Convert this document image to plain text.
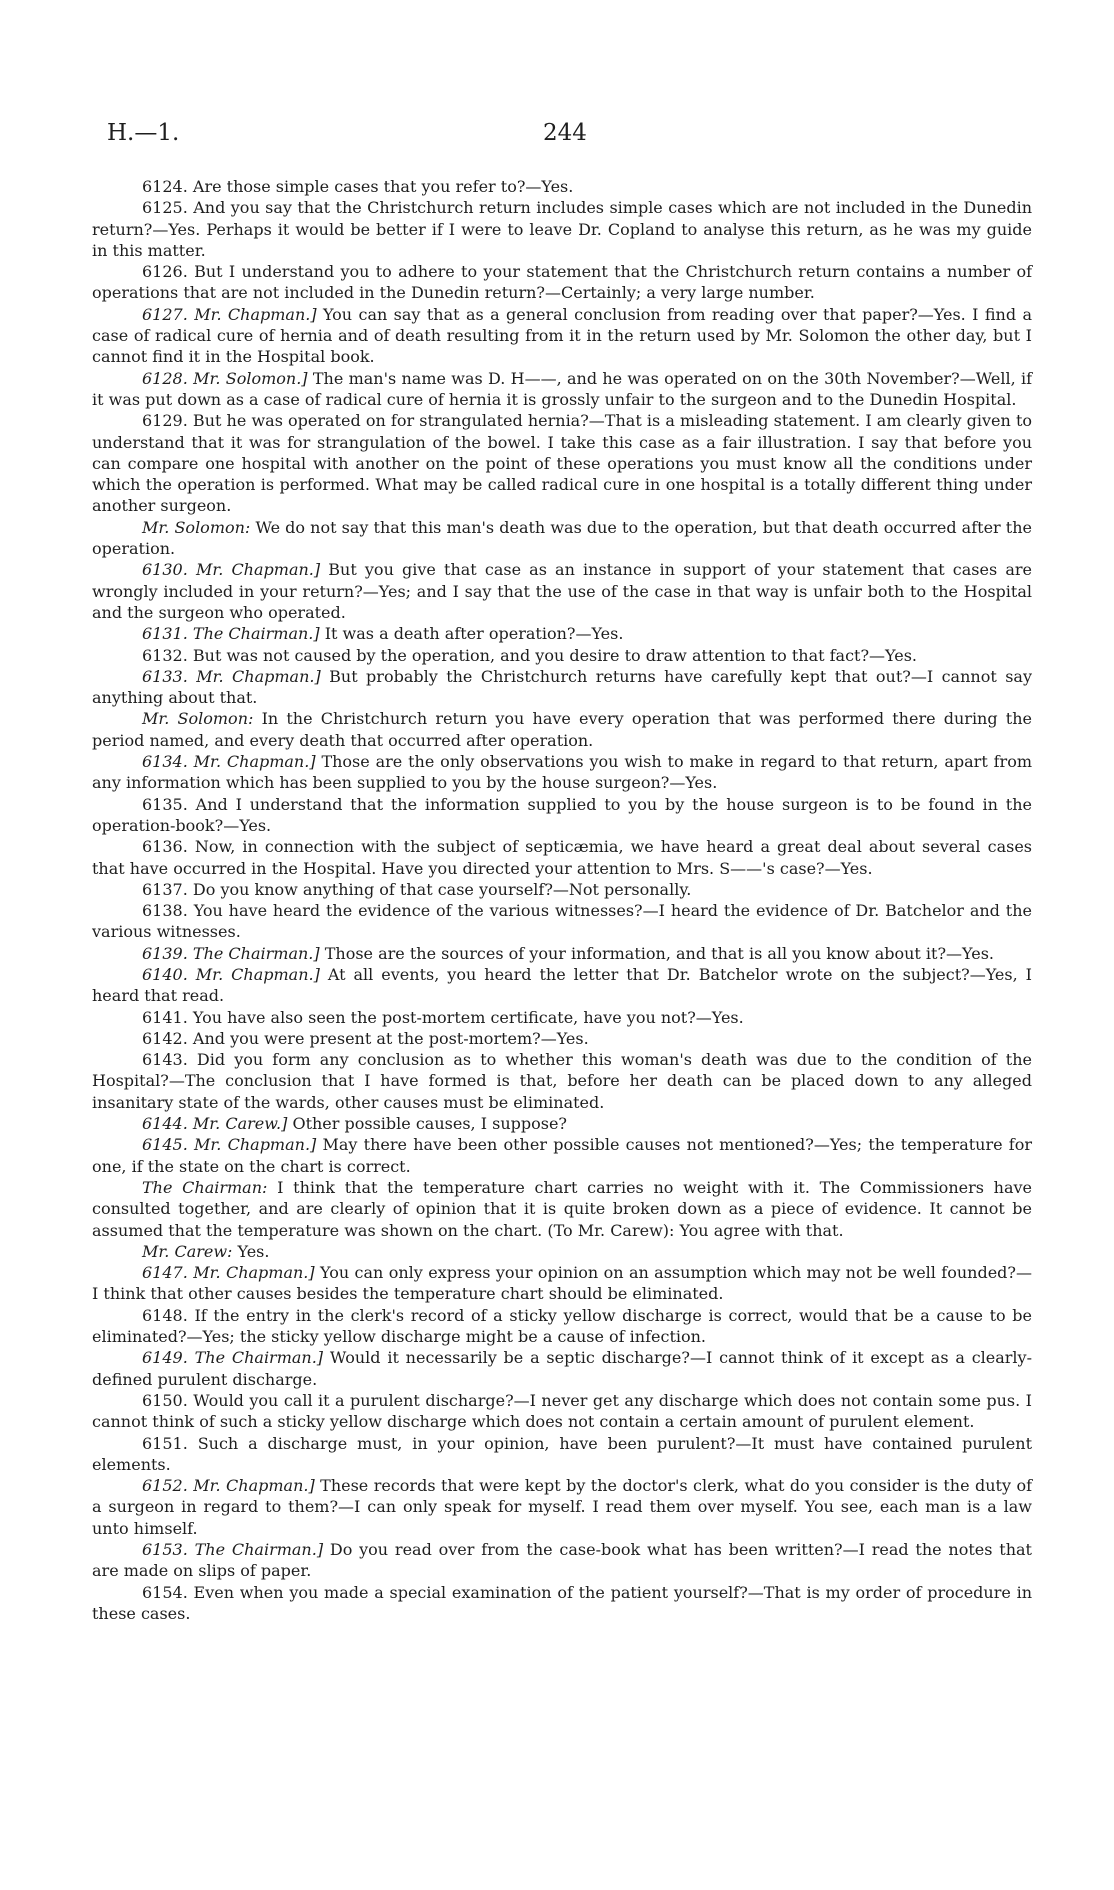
H.—1.	244

6124. Are those simple cases that you refer to?—Yes.

6125. And you say that the Christchurch return includes simple cases which are not included in the Dunedin return?—Yes. Perhaps it would be better if I were to leave Dr. Copland to analyse this return, as he was my guide in this matter.

6126. But I understand you to adhere to your statement that the Christchurch return contains a number of operations that are not included in the Dunedin return?—Certainly; a very large number.

6127. Mr. Chapman.] You can say that as a general conclusion from reading over that paper?—Yes. I find a case of radical cure of hernia and of death resulting from it in the return used by Mr. Solomon the other day, but I cannot find it in the Hospital book.

6128. Mr. Solomon.] The man's name was D. H——, and he was operated on on the 30th November?—Well, if it was put down as a case of radical cure of hernia it is grossly unfair to the surgeon and to the Dunedin Hospital.

6129. But he was operated on for strangulated hernia?—That is a misleading statement. I am clearly given to understand that it was for strangulation of the bowel. I take this case as a fair illustration. I say that before you can compare one hospital with another on the point of these operations you must know all the conditions under which the operation is performed. What may be called radical cure in one hospital is a totally different thing under another surgeon.

Mr. Solomon: We do not say that this man's death was due to the operation, but that death occurred after the operation.

6130. Mr. Chapman.] But you give that case as an instance in support of your statement that cases are wrongly included in your return?—Yes; and I say that the use of the case in that way is unfair both to the Hospital and the surgeon who operated.

6131. The Chairman.] It was a death after operation?—Yes.

6132. But was not caused by the operation, and you desire to draw attention to that fact?—Yes.

6133. Mr. Chapman.] But probably the Christchurch returns have carefully kept that out?—I cannot say anything about that.

Mr. Solomon: In the Christchurch return you have every operation that was performed there during the period named, and every death that occurred after operation.

6134. Mr. Chapman.] Those are the only observations you wish to make in regard to that return, apart from any information which has been supplied to you by the house surgeon?—Yes.

6135. And I understand that the information supplied to you by the house surgeon is to be found in the operation-book?—Yes.

6136. Now, in connection with the subject of septicæmia, we have heard a great deal about several cases that have occurred in the Hospital. Have you directed your attention to Mrs. S——'s case?—Yes.

6137. Do you know anything of that case yourself?—Not personally.

6138. You have heard the evidence of the various witnesses?—I heard the evidence of Dr. Batchelor and the various witnesses.

6139. The Chairman.] Those are the sources of your information, and that is all you know about it?—Yes.

6140. Mr. Chapman.] At all events, you heard the letter that Dr. Batchelor wrote on the subject?—Yes, I heard that read.

6141. You have also seen the post-mortem certificate, have you not?—Yes.

6142. And you were present at the post-mortem?—Yes.

6143. Did you form any conclusion as to whether this woman's death was due to the condition of the Hospital?—The conclusion that I have formed is that, before her death can be placed down to any alleged insanitary state of the wards, other causes must be eliminated.

6144. Mr. Carew.] Other possible causes, I suppose?

6145. Mr. Chapman.] May there have been other possible causes not mentioned?—Yes; the temperature for one, if the state on the chart is correct.

The Chairman: I think that the temperature chart carries no weight with it. The Commissioners have consulted together, and are clearly of opinion that it is quite broken down as a piece of evidence. It cannot be assumed that the temperature was shown on the chart. (To Mr. Carew): You agree with that.

Mr. Carew: Yes.

6147. Mr. Chapman.] You can only express your opinion on an assumption which may not be well founded?—I think that other causes besides the temperature chart should be eliminated.

6148. If the entry in the clerk's record of a sticky yellow discharge is correct, would that be a cause to be eliminated?—Yes; the sticky yellow discharge might be a cause of infection.

6149. The Chairman.] Would it necessarily be a septic discharge?—I cannot think of it except as a clearly-defined purulent discharge.

6150. Would you call it a purulent discharge?—I never get any discharge which does not contain some pus. I cannot think of such a sticky yellow discharge which does not contain a certain amount of purulent element.

6151. Such a discharge must, in your opinion, have been purulent?—It must have contained purulent elements.

6152. Mr. Chapman.] These records that were kept by the doctor's clerk, what do you consider is the duty of a surgeon in regard to them?—I can only speak for myself. I read them over myself. You see, each man is a law unto himself.

6153. The Chairman.] Do you read over from the case-book what has been written?—I read the notes that are made on slips of paper.

6154. Even when you made a special examination of the patient yourself?—That is my order of procedure in these cases.
